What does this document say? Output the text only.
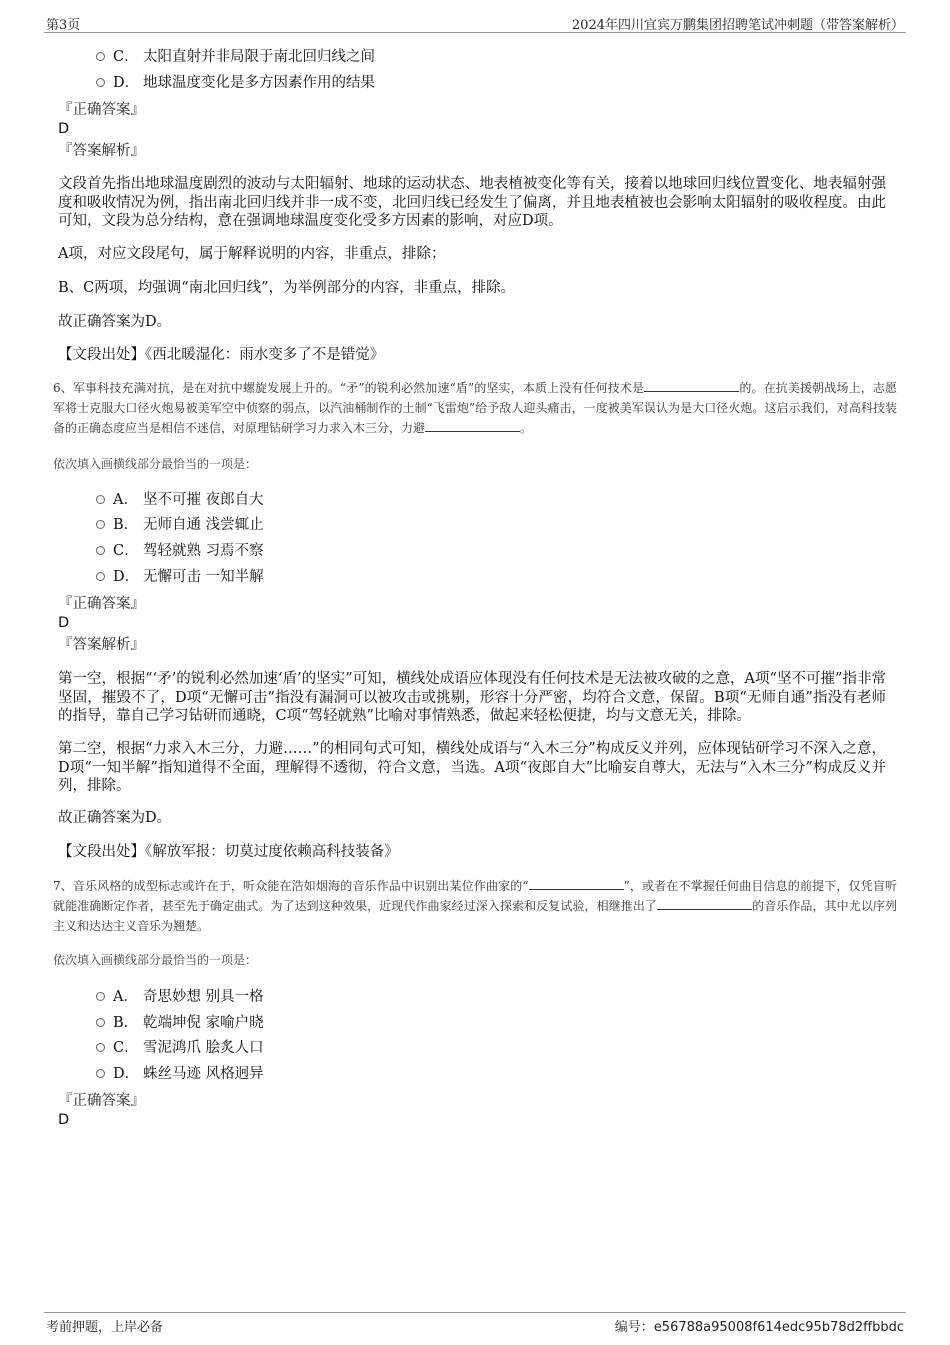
第3页	2024年四川宜宾万鹏集团招聘笔试冲刺题（带答案解析）
C． 太阳直射并非局限于南北回归线之间
D． 地球温度变化是多方因素作用的结果
『正确答案』
D
『答案解析』
文段首先指出地球温度剧烈的波动与太阳辐射、地球的运动状态、地表植被变化等有关，接着以地球回归线位置变化、地表辐射强度和吸收情况为例，指出南北回归线并非一成不变，北回归线已经发生了偏离，并且地表植被也会影响太阳辐射的吸收程度。由此可知，文段为总分结构，意在强调地球温度变化受多方因素的影响，对应D项。
A项，对应文段尾句，属于解释说明的内容，非重点，排除；
B、C两项，均强调“南北回归线”，为举例部分的内容，非重点，排除。
故正确答案为D。
【文段出处】《西北暖湿化：雨水变多了不是错觉》
6、军事科技充满对抗，是在对抗中螺旋发展上升的。“矛”的锐利必然加速“盾”的坚实，本质上没有任何技术是	的。在抗美援朝战场上，志愿军将士克服大口径火炮易被美军空中侦察的弱点，以汽油桶制作的土制“飞雷炮”给予敌人迎头痛击，一度被美军误认为是大口径火炮。这启示我们，对高科技装备的正确态度应当是相信不迷信，对原理钻研学习力求入木三分，力避	。
依次填入画横线部分最恰当的一项是：
A． 坚不可摧 夜郎自大
B． 无师自通 浅尝辄止
C． 驾轻就熟 习焉不察
D． 无懈可击 一知半解
『正确答案』
D
『答案解析』
第一空，根据“‘矛’的锐利必然加速‘盾’的坚实”可知，横线处成语应体现没有任何技术是无法被攻破的之意，A项“坚不可摧”指非常坚固，摧毁不了，D项“无懈可击”指没有漏洞可以被攻击或挑剔，形容十分严密，均符合文意，保留。B项“无师自通”指没有老师的指导，靠自己学习钻研而通晓，C项“驾轻就熟”比喻对事情熟悉，做起来轻松便捷，均与文意无关，排除。
第二空，根据“力求入木三分，力避……”的相同句式可知，横线处成语与“入木三分”构成反义并列，应体现钻研学习不深入之意，D项“一知半解”指知道得不全面，理解得不透彻，符合文意，当选。A项“夜郎自大”比喻妄自尊大，无法与“入木三分”构成反义并列，排除。
故正确答案为D。
【文段出处】《解放军报：切莫过度依赖高科技装备》
7、音乐风格的成型标志或许在于，听众能在浩如烟海的音乐作品中识别出某位作曲家的“	”，或者在不掌握任何曲目信息的前提下，仅凭盲听就能准确断定作者，甚至先于确定曲式。为了达到这种效果，近现代作曲家经过深入探索和反复试验，相继推出了	的音乐作品，其中尤以序列主义和达达主义音乐为翘楚。
依次填入画横线部分最恰当的一项是：
A． 奇思妙想 别具一格
B． 乾端坤倪 家喻户晓
C． 雪泥鸿爪 脍炙人口
D． 蛛丝马迹 风格迥异
『正确答案』
D
考前押题，上岸必备	编号：e56788a95008f614edc95b78d2ffbbdc
